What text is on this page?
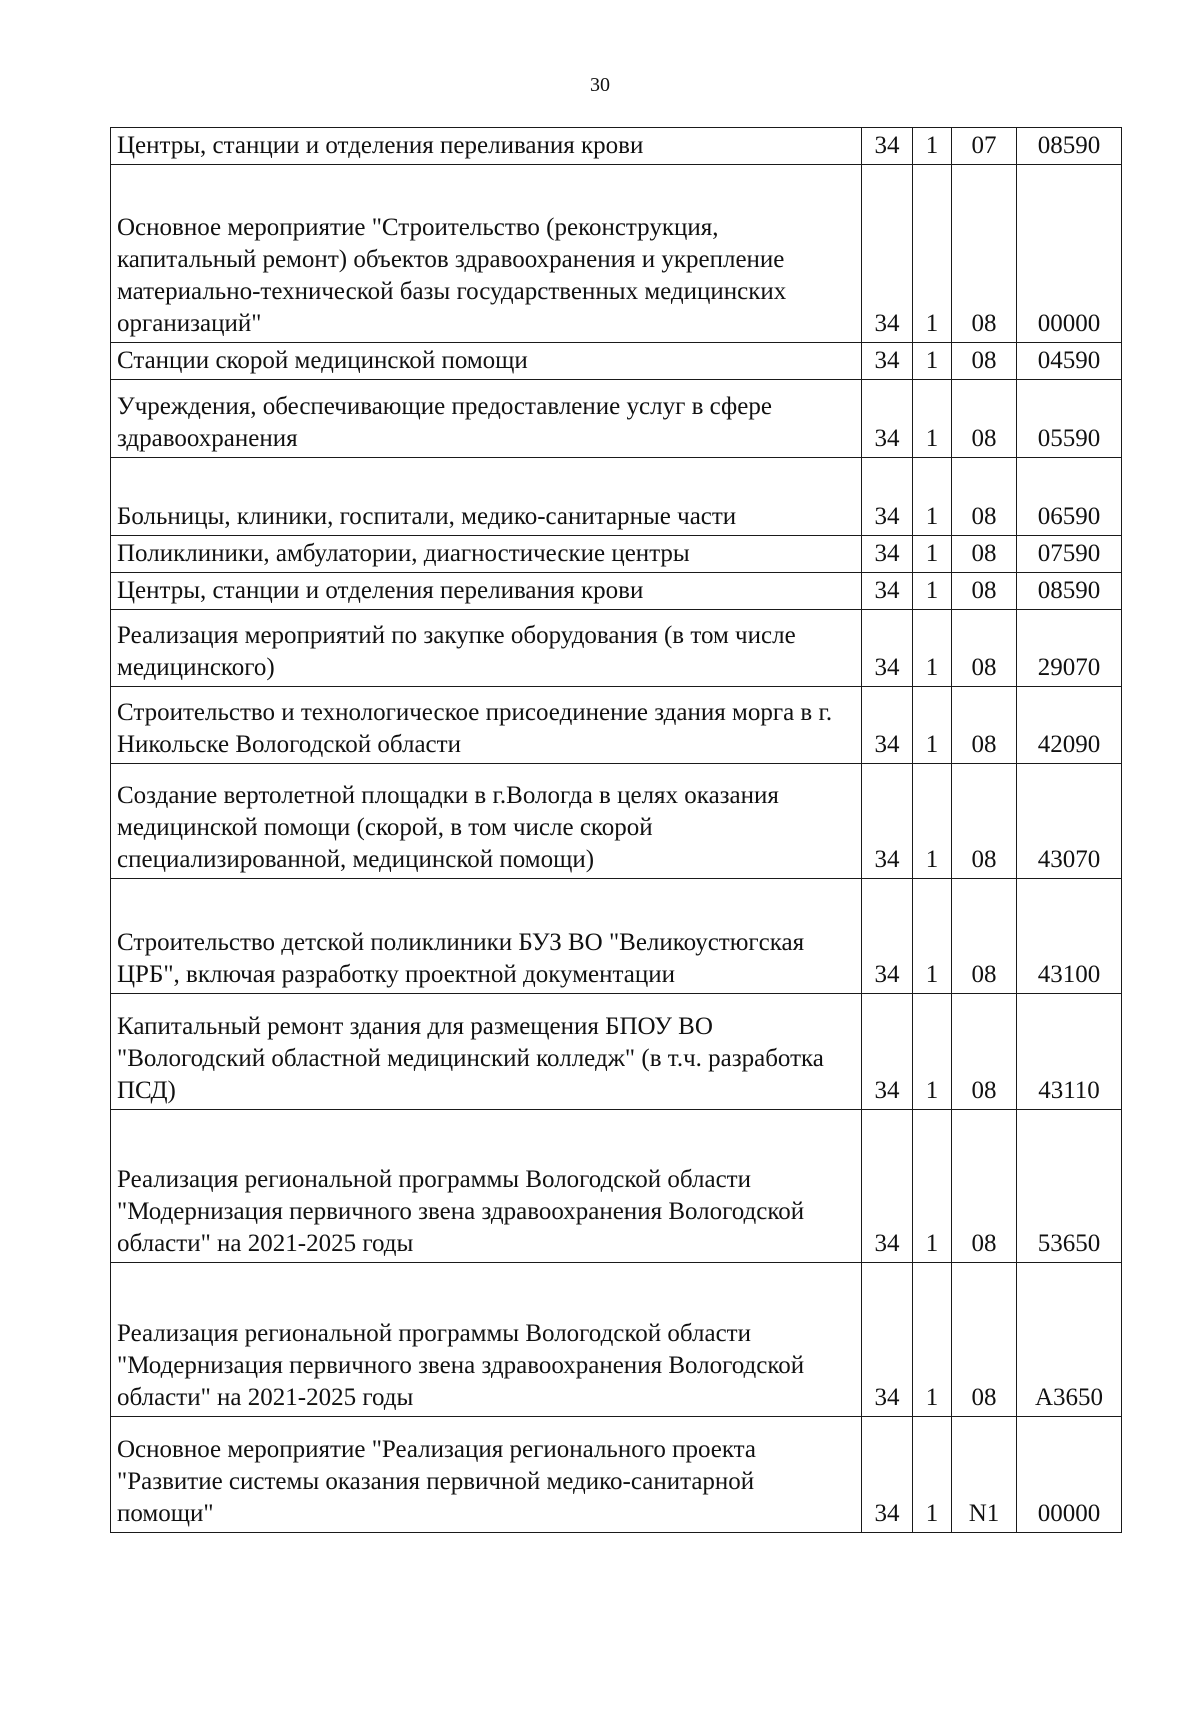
30
Центры, станции и отделения переливания крови	34	1	07	08590
Основное мероприятие "Строительство (реконструкция, капитальный ремонт) объектов здравоохранения и укрепление материально-технической базы государственных медицинских организаций"	34	1	08	00000
Станции скорой медицинской помощи	34	1	08	04590
Учреждения, обеспечивающие предоставление услуг в сфере здравоохранения	34	1	08	05590
Больницы, клиники, госпитали, медико-санитарные части	34	1	08	06590
Поликлиники, амбулатории, диагностические центры	34	1	08	07590
Центры, станции и отделения переливания крови	34	1	08	08590
Реализация мероприятий по закупке оборудования (в том числе медицинского)	34	1	08	29070
Строительство и технологическое присоединение здания морга в г. Никольске Вологодской области	34	1	08	42090
Создание вертолетной площадки в г.Вологда в целях оказания медицинской помощи (скорой, в том числе скорой специализированной, медицинской помощи)	34	1	08	43070
Строительство детской поликлиники БУЗ ВО "Великоустюгская ЦРБ", включая разработку проектной документации	34	1	08	43100
Капитальный ремонт здания для размещения БПОУ ВО "Вологодский областной медицинский колледж" (в т.ч. разработка ПСД)	34	1	08	43110
Реализация региональной программы Вологодской области "Модернизация первичного звена здравоохранения Вологодской области" на 2021-2025 годы	34	1	08	53650
Реализация региональной программы Вологодской области "Модернизация первичного звена здравоохранения Вологодской области" на 2021-2025 годы	34	1	08	А3650
Основное мероприятие "Реализация регионального проекта "Развитие системы оказания первичной медико-санитарной помощи"	34	1	N1	00000
